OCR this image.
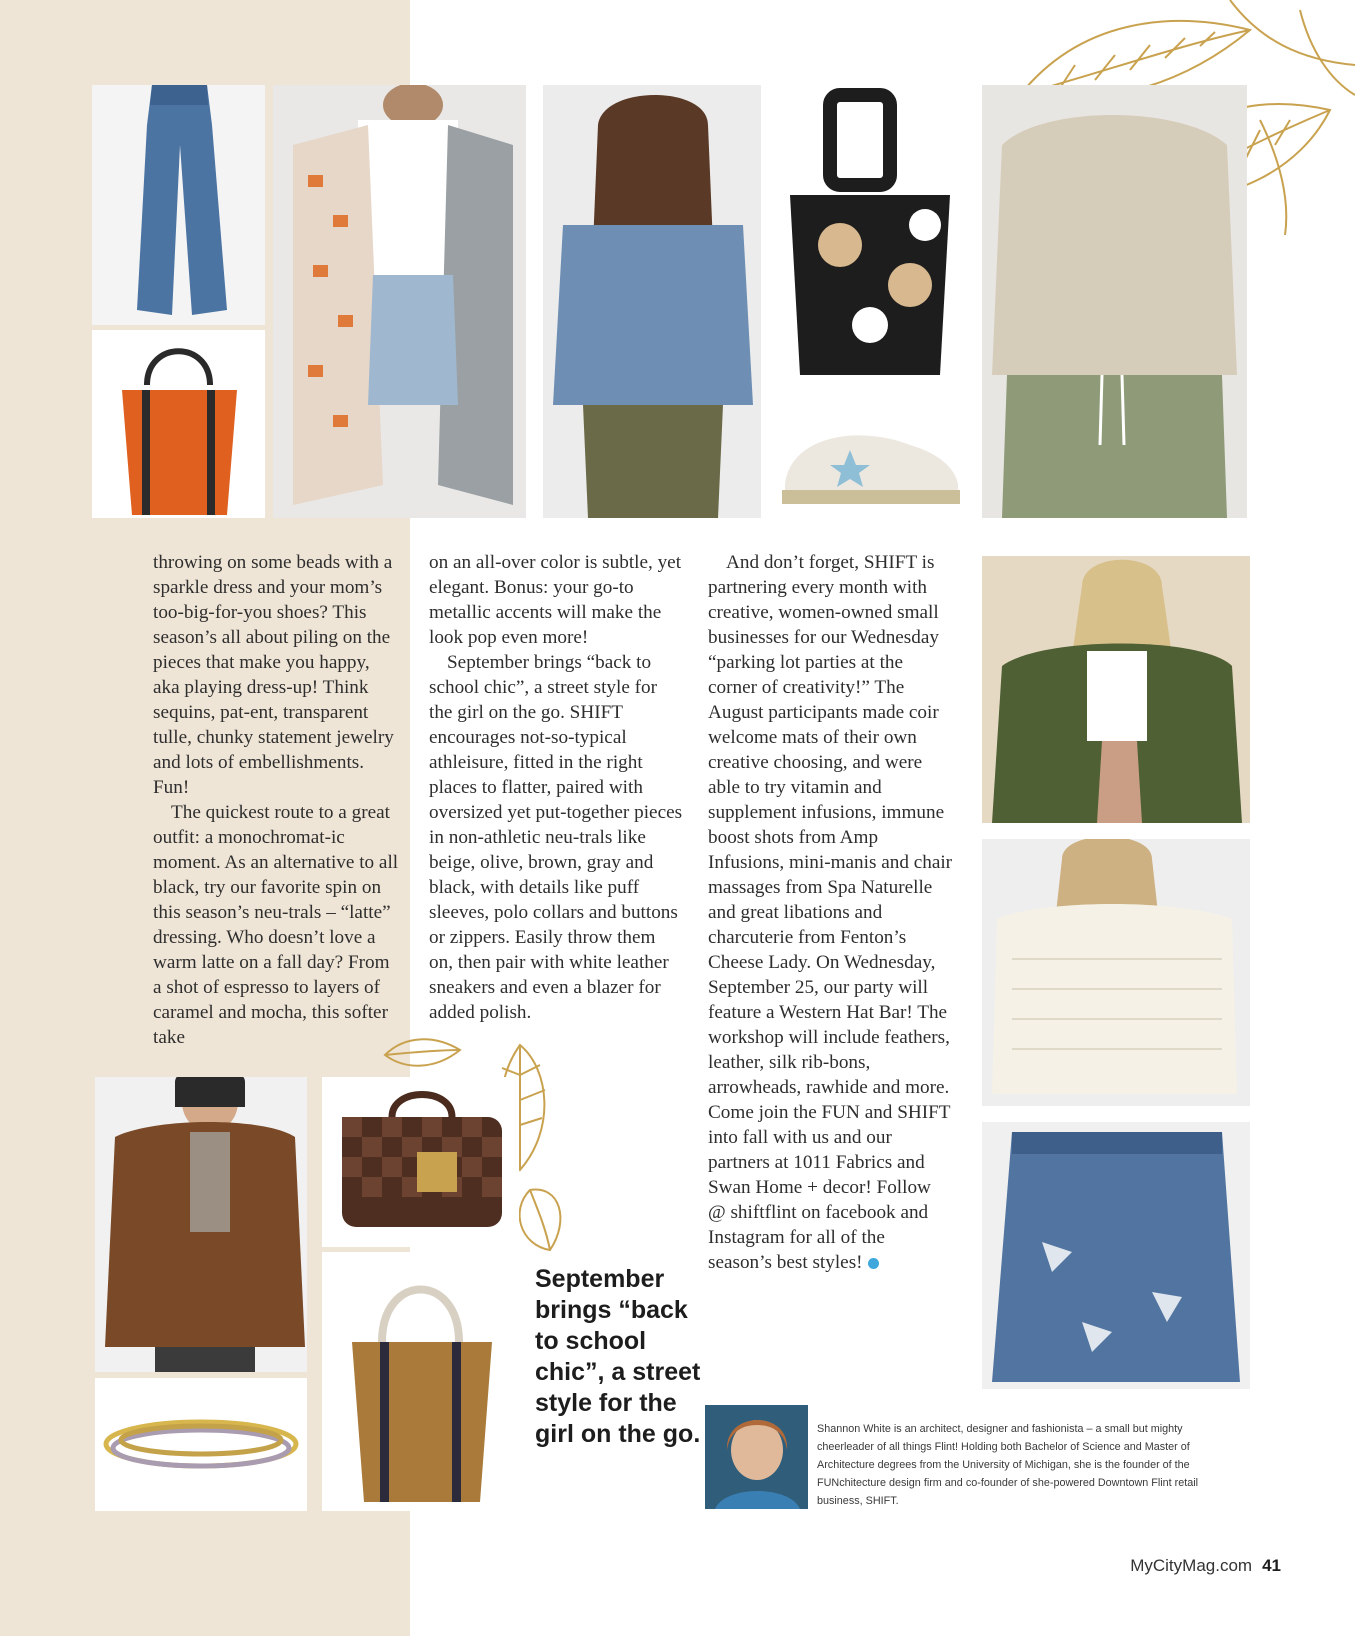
throwing on some beads with a sparkle dress and your mom’s too-big-for-you shoes? This season’s all about piling on the pieces that make you happy, aka playing dress-up! Think sequins, pat-ent, transparent tulle, chunky statement jewelry and lots of embellishments. Fun!

The quickest route to a great outfit: a monochromat-ic moment. As an alternative to all black, try our favorite spin on this season’s neu-trals – “latte” dressing. Who doesn’t love a warm latte on a fall day? From a shot of espresso to layers of caramel and mocha, this softer take

on an all-over color is subtle, yet elegant. Bonus: your go-to metallic accents will make the look pop even more!

September brings “back to school chic”, a street style for the girl on the go. SHIFT encourages not-so-typical athleisure, fitted in the right places to flatter, paired with oversized yet put-together pieces in non-athletic neu-trals like beige, olive, brown, gray and black, with details like puff sleeves, polo collars and buttons or zippers. Easily throw them on, then pair with white leather sneakers and even a blazer for added polish.

And don’t forget, SHIFT is partnering every month with creative, women-owned small businesses for our Wednesday “parking lot parties at the corner of creativity!” The August participants made coir welcome mats of their own creative choosing, and were able to try vitamin and supplement infusions, immune boost shots from Amp Infusions, mini-manis and chair massages from Spa Naturelle and great libations and charcuterie from Fenton’s Cheese Lady. On Wednesday, September 25, our party will feature a Western Hat Bar! The workshop will include feathers, leather, silk rib-bons, arrowheads, rawhide and more. Come join the FUN and SHIFT into fall with us and our partners at 1011 Fabrics and Swan Home + decor! Follow @ shiftflint on facebook and Instagram for all of the season’s best styles!

September brings “back to school chic”, a street style for the girl on the go.	Shannon White is an architect, designer and fashionista – a small but mighty cheerleader of all things Flint! Holding both Bachelor of Science and Master of Architecture degrees from the University of Michigan, she is the founder of the FUNchitecture design firm and co-founder of she-powered Downtown Flint retail business, SHIFT.
MyCityMag.com 41
